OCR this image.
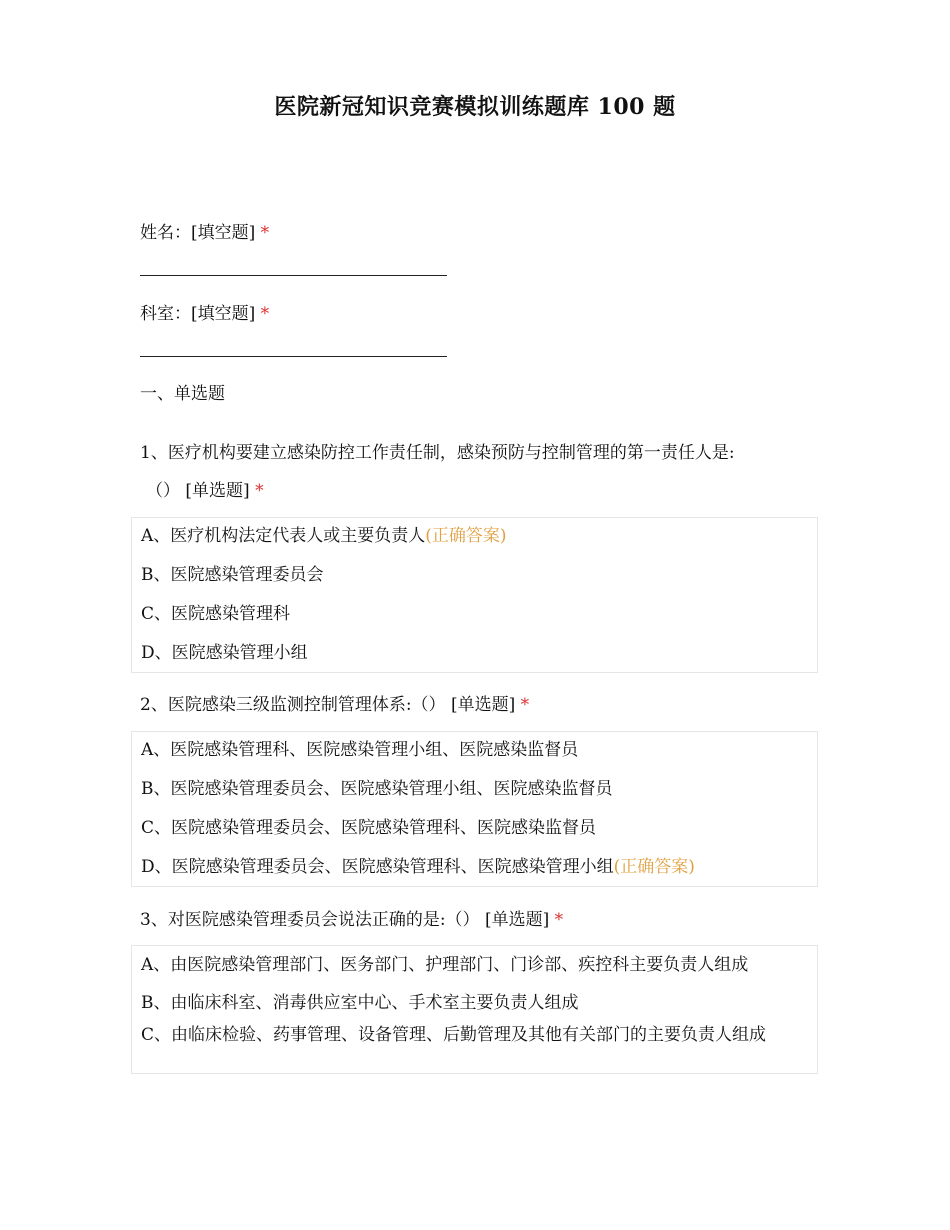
医院新冠知识竞赛模拟训练题库 100 题
姓名：[填空题] *
科室：[填空题] *
一、单选题
1、医疗机构要建立感染防控工作责任制，感染预防与控制管理的第一责任人是:
（） [单选题] *
A、医疗机构法定代表人或主要负责人(正确答案)
B、医院感染管理委员会
C、医院感染管理科
D、医院感染管理小组
2、医院感染三级监测控制管理体系:（） [单选题] *
A、医院感染管理科、医院感染管理小组、医院感染监督员
B、医院感染管理委员会、医院感染管理小组、医院感染监督员
C、医院感染管理委员会、医院感染管理科、医院感染监督员
D、医院感染管理委员会、医院感染管理科、医院感染管理小组(正确答案)
3、对医院感染管理委员会说法正确的是:（） [单选题] *
A、由医院感染管理部门、医务部门、护理部门、门诊部、疾控科主要负责人组成
B、由临床科室、消毒供应室中心、手术室主要负责人组成
C、由临床检验、药事管理、设备管理、后勤管理及其他有关部门的主要负责人组成
